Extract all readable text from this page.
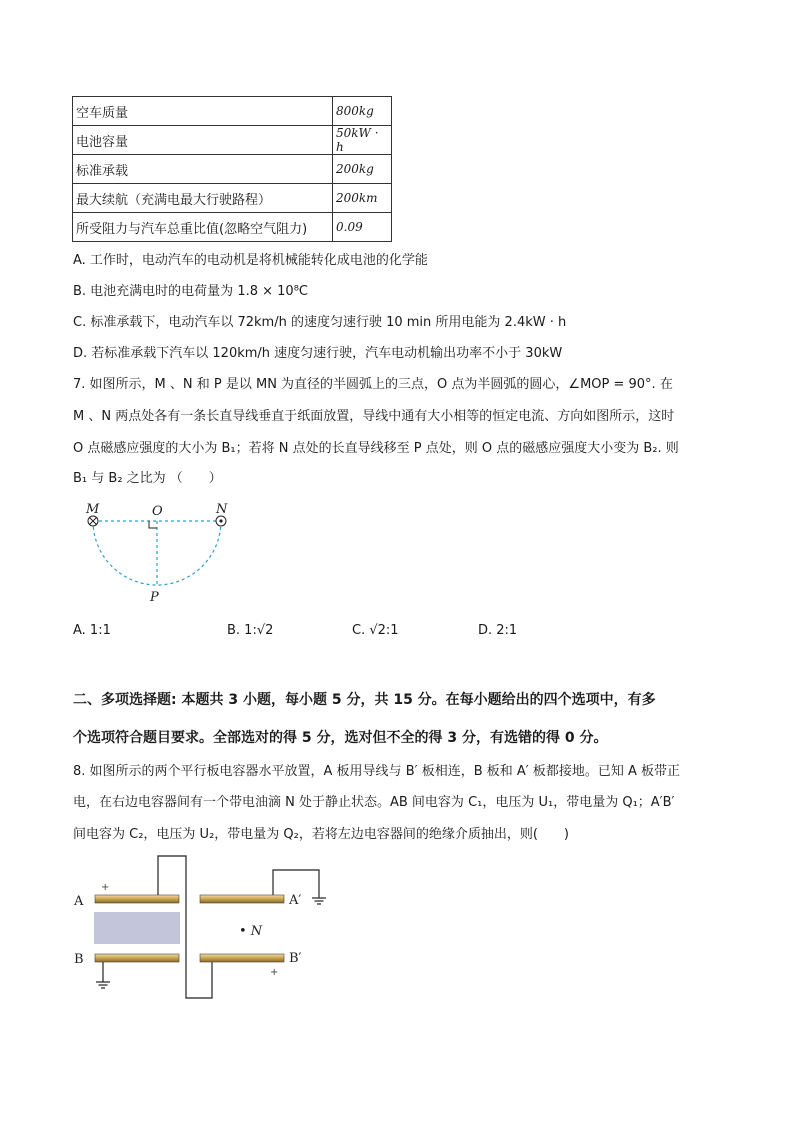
空车质量	800kg
电池容量	50kW · h
标准承载	200kg
最大续航（充满电最大行驶路程）	200km
所受阻力与汽车总重比值(忽略空气阻力)	0.09
A. 工作时，电动汽车的电动机是将机械能转化成电池的化学能
B. 电池充满电时的电荷量为 1.8 × 10⁸C
C. 标准承载下，电动汽车以 72km/h 的速度匀速行驶 10 min 所用电能为 2.4kW · h
D. 若标准承载下汽车以 120km/h 速度匀速行驶，汽车电动机输出功率不小于 30kW
7. 如图所示，M 、N 和 P 是以 MN 为直径的半圆弧上的三点，O 点为半圆弧的圆心，∠MOP = 90°. 在
M 、N 两点处各有一条长直导线垂直于纸面放置，导线中通有大小相等的恒定电流、方向如图所示，这时
O 点磁感应强度的大小为 B₁；若将 N 点处的长直导线移至 P 点处，则 O 点的磁感应强度大小变为 B₂. 则
B₁ 与 B₂ 之比为 （　　）
M	O	N
P
A. 1:1	B. 1:√2	C. √2:1	D. 2:1
二、多项选择题: 本题共 3 小题，每小题 5 分，共 15 分。在每小题给出的四个选项中，有多
个选项符合题目要求。全部选对的得 5 分，选对但不全的得 3 分，有选错的得 0 分。
8. 如图所示的两个平行板电容器水平放置，A 板用导线与 B′ 板相连，B 板和 A′ 板都接地。已知 A 板带正
电，在右边电容器间有一个带电油滴 N 处于静止状态。AB 间电容为 C₁，电压为 U₁，带电量为 Q₁；A′B′
间电容为 C₂，电压为 U₂，带电量为 Q₂，若将左边电容器间的绝缘介质抽出，则(　　)
A
B
A′
B′
• N
+
+
